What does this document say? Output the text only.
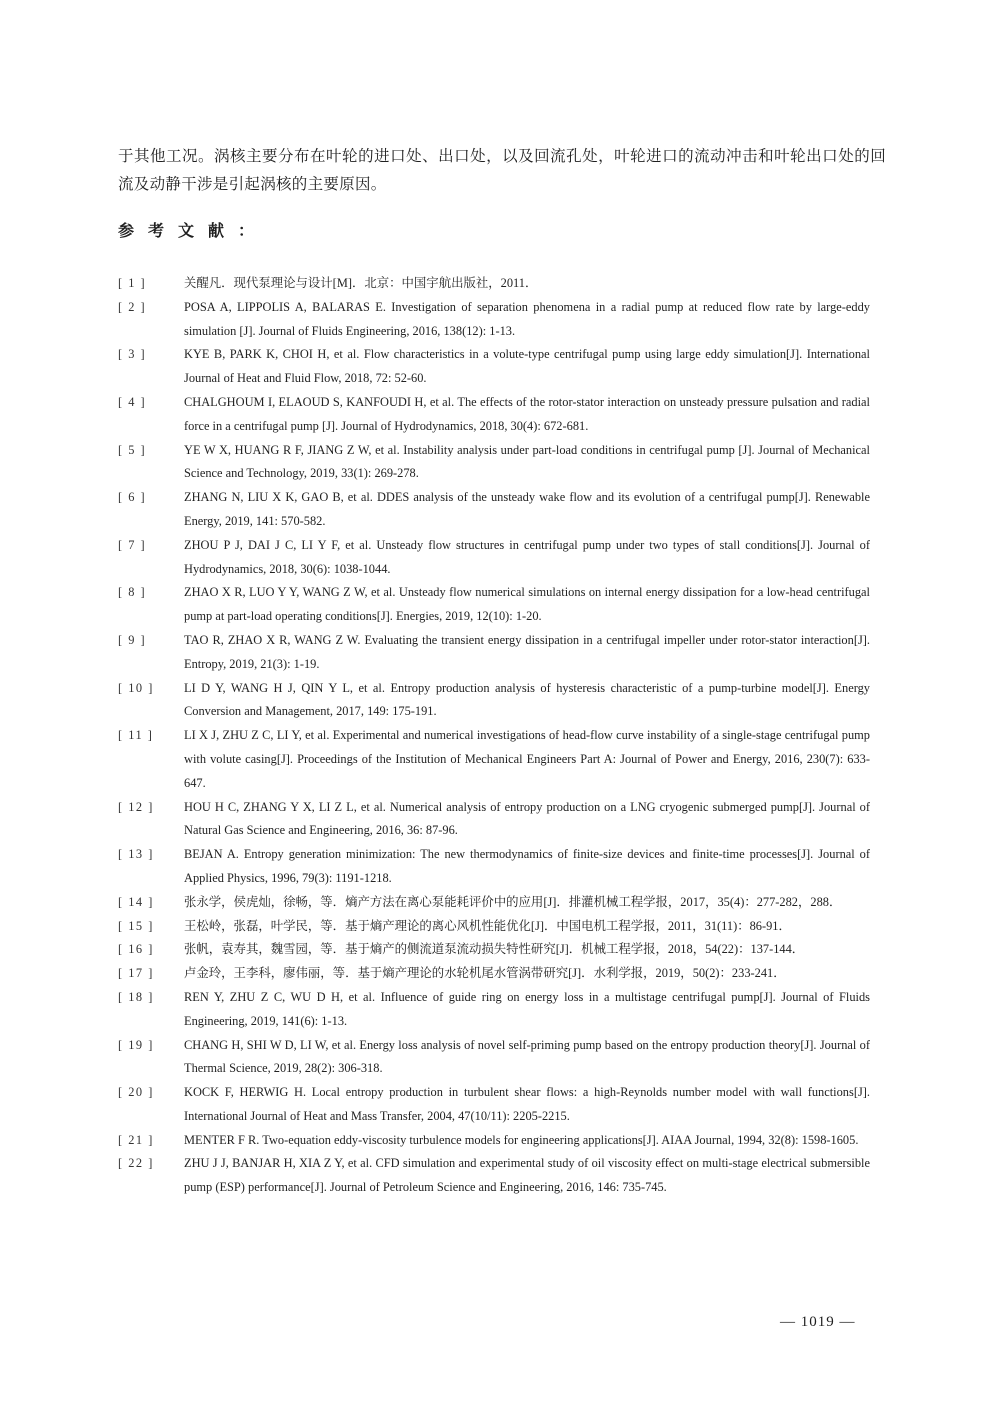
于其他工况。涡核主要分布在叶轮的进口处、出口处，以及回流孔处，叶轮进口的流动冲击和叶轮出口处的回流及动静干涉是引起涡核的主要原因。

参考文献：
[ 1 ]	关醒凡．现代泵理论与设计[M]．北京：中国宇航出版社，2011．
[ 2 ]	POSA A, LIPPOLIS A, BALARAS E. Investigation of separation phenomena in a radial pump at reduced flow rate by large-eddy simulation [J]. Journal of Fluids Engineering, 2016, 138(12): 1-13.
[ 3 ]	KYE B, PARK K, CHOI H, et al. Flow characteristics in a volute-type centrifugal pump using large eddy simulation[J]. International Journal of Heat and Fluid Flow, 2018, 72: 52-60.
[ 4 ]	CHALGHOUM I, ELAOUD S, KANFOUDI H, et al. The effects of the rotor-stator interaction on unsteady pressure pulsation and radial force in a centrifugal pump [J]. Journal of Hydrodynamics, 2018, 30(4): 672-681.
[ 5 ]	YE W X, HUANG R F, JIANG Z W, et al. Instability analysis under part-load conditions in centrifugal pump [J]. Journal of Mechanical Science and Technology, 2019, 33(1): 269-278.
[ 6 ]	ZHANG N, LIU X K, GAO B, et al. DDES analysis of the unsteady wake flow and its evolution of a centrifugal pump[J]. Renewable Energy, 2019, 141: 570-582.
[ 7 ]	ZHOU P J, DAI J C, LI Y F, et al. Unsteady flow structures in centrifugal pump under two types of stall conditions[J]. Journal of Hydrodynamics, 2018, 30(6): 1038-1044.
[ 8 ]	ZHAO X R, LUO Y Y, WANG Z W, et al. Unsteady flow numerical simulations on internal energy dissipation for a low-head centrifugal pump at part-load operating conditions[J]. Energies, 2019, 12(10): 1-20.
[ 9 ]	TAO R, ZHAO X R, WANG Z W. Evaluating the transient energy dissipation in a centrifugal impeller under rotor-stator interaction[J]. Entropy, 2019, 21(3): 1-19.
[ 10 ]	LI D Y, WANG H J, QIN Y L, et al. Entropy production analysis of hysteresis characteristic of a pump-turbine model[J]. Energy Conversion and Management, 2017, 149: 175-191.
[ 11 ]	LI X J, ZHU Z C, LI Y, et al. Experimental and numerical investigations of head-flow curve instability of a single-stage centrifugal pump with volute casing[J]. Proceedings of the Institution of Mechanical Engineers Part A: Journal of Power and Energy, 2016, 230(7): 633-647.
[ 12 ]	HOU H C, ZHANG Y X, LI Z L, et al. Numerical analysis of entropy production on a LNG cryogenic submerged pump[J]. Journal of Natural Gas Science and Engineering, 2016, 36: 87-96.
[ 13 ]	BEJAN A. Entropy generation minimization: The new thermodynamics of finite-size devices and finite-time processes[J]. Journal of Applied Physics, 1996, 79(3): 1191-1218.
[ 14 ]	张永学，侯虎灿，徐畅，等．熵产方法在离心泵能耗评价中的应用[J]．排灌机械工程学报，2017，35(4)：277-282，288．
[ 15 ]	王松岭，张磊，叶学民，等．基于熵产理论的离心风机性能优化[J]．中国电机工程学报，2011，31(11)：86-91．
[ 16 ]	张帆，袁寿其，魏雪园，等．基于熵产的侧流道泵流动损失特性研究[J]．机械工程学报，2018，54(22)：137-144．
[ 17 ]	卢金玲，王李科，廖伟丽，等．基于熵产理论的水轮机尾水管涡带研究[J]．水利学报，2019，50(2)：233-241．
[ 18 ]	REN Y, ZHU Z C, WU D H, et al. Influence of guide ring on energy loss in a multistage centrifugal pump[J]. Journal of Fluids Engineering, 2019, 141(6): 1-13.
[ 19 ]	CHANG H, SHI W D, LI W, et al. Energy loss analysis of novel self-priming pump based on the entropy production theory[J]. Journal of Thermal Science, 2019, 28(2): 306-318.
[ 20 ]	KOCK F, HERWIG H. Local entropy production in turbulent shear flows: a high-Reynolds number model with wall functions[J]. International Journal of Heat and Mass Transfer, 2004, 47(10/11): 2205-2215.
[ 21 ]	MENTER F R. Two-equation eddy-viscosity turbulence models for engineering applications[J]. AIAA Journal, 1994, 32(8): 1598-1605.
[ 22 ]	ZHU J J, BANJAR H, XIA Z Y, et al. CFD simulation and experimental study of oil viscosity effect on multi-stage electrical submersible pump (ESP) performance[J]. Journal of Petroleum Science and Engineering, 2016, 146: 735-745.

— 1019 —
